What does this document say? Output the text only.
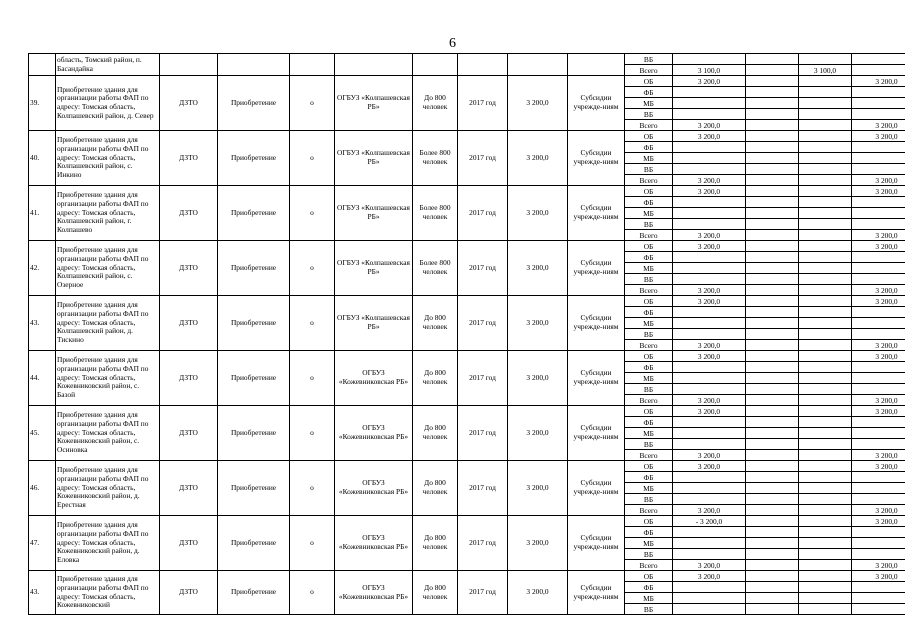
6
	область, Томский район, п. Басандайка									ВБ				
										Всего	3 100,0		3 100,0	
39.	Приобретение здания для организации работы ФАП по адресу: Томская область, Колпашевский район, д. Север	ДЗТО	Приобретение	о	ОГБУЗ «Колпашевская РБ»	До 800 человек	2017 год	3 200,0	Субсидии учрежде-ниям	ОБ	3 200,0			3 200,0
										ФБ				
										МБ				
										ВБ				
										Всего	3 200,0			3 200,0
40.	Приобретение здания для организации работы ФАП по адресу: Томская область, Колпашевский район, с. Инкино	ДЗТО	Приобретение	о	ОГБУЗ «Колпашевская РБ»	Более 800 человек	2017 год	3 200,0	Субсидии учрежде-ниям	ОБ	3 200,0			3 200,0
										ФБ				
										МБ				
										ВБ				
										Всего	3 200,0			3 200,0
41.	Приобретение здания для организации работы ФАП по адресу: Томская область, Колпашевский район, г. Колпашево	ДЗТО	Приобретение	о	ОГБУЗ «Колпашевская РБ»	Более 800 человек	2017 год	3 200,0	Субсидии учрежде-ниям	ОБ	3 200,0			3 200,0
										ФБ				
										МБ				
										ВБ				
										Всего	3 200,0			3 200,0
42.	Приобретение здания для организации работы ФАП по адресу: Томская область, Колпашевский район, с. Озерное	ДЗТО	Приобретение	о	ОГБУЗ «Колпашевская РБ»	Более 800 человек	2017 год	3 200,0	Субсидии учрежде-ниям	ОБ	3 200,0			3 200,0
										ФБ				
										МБ				
										ВБ				
										Всего	3 200,0			3 200,0
43.	Приобретение здания для организации работы ФАП по адресу: Томская область, Колпашевский район, д. Тискино	ДЗТО	Приобретение	о	ОГБУЗ «Колпашевская РБ»	До 800 человек	2017 год	3 200,0	Субсидии учрежде-ниям	ОБ	3 200,0			3 200,0
										ФБ				
										МБ				
										ВБ				
										Всего	3 200,0			3 200,0
44.	Приобретение здания для организации работы ФАП по адресу: Томская область, Кожевниковский район, с. Базой	ДЗТО	Приобретение	о	ОГБУЗ «Кожевниковская РБ»	До 800 человек	2017 год	3 200,0	Субсидии учрежде-ниям	ОБ	3 200,0			3 200,0
										ФБ				
										МБ				
										ВБ				
										Всего	3 200,0			3 200,0
45.	Приобретение здания для организации работы ФАП по адресу: Томская область, Кожевниковский район, с. Осиновка	ДЗТО	Приобретение	о	ОГБУЗ «Кожевниковская РБ»	До 800 человек	2017 год	3 200,0	Субсидии учрежде-ниям	ОБ	3 200,0			3 200,0
										ФБ				
										МБ				
										ВБ				
										Всего	3 200,0			3 200,0
46.	Приобретение здания для организации работы ФАП по адресу: Томская область, Кожевниковский район, д. Ерестная	ДЗТО	Приобретение	о	ОГБУЗ «Кожевниковская РБ»	До 800 человек	2017 год	3 200,0	Субсидии учрежде-ниям	ОБ	3 200,0			3 200,0
										ФБ				
										МБ				
										ВБ				
										Всего	3 200,0			3 200,0
47.	Приобретение здания для организации работы ФАП по адресу: Томская область, Кожевниковский район, д. Еловка	ДЗТО	Приобретение	о	ОГБУЗ «Кожевниковская РБ»	До 800 человек	2017 год	3 200,0	Субсидии учрежде-ниям	ОБ	- 3 200,0			3 200,0
										ФБ				
										МБ				
										ВБ				
										Всего	3 200,0			3 200,0
43.	Приобретение здания для организации работы ФАП по адресу: Томская область, Кожевниковский	ДЗТО	Приобретение	о	ОГБУЗ «Кожевниковская РБ»	До 800 человек	2017 год	3 200,0	Субсидии учрежде-ниям	ОБ	3 200,0			3 200,0
										ФБ				
										МБ				
										ВБ				
